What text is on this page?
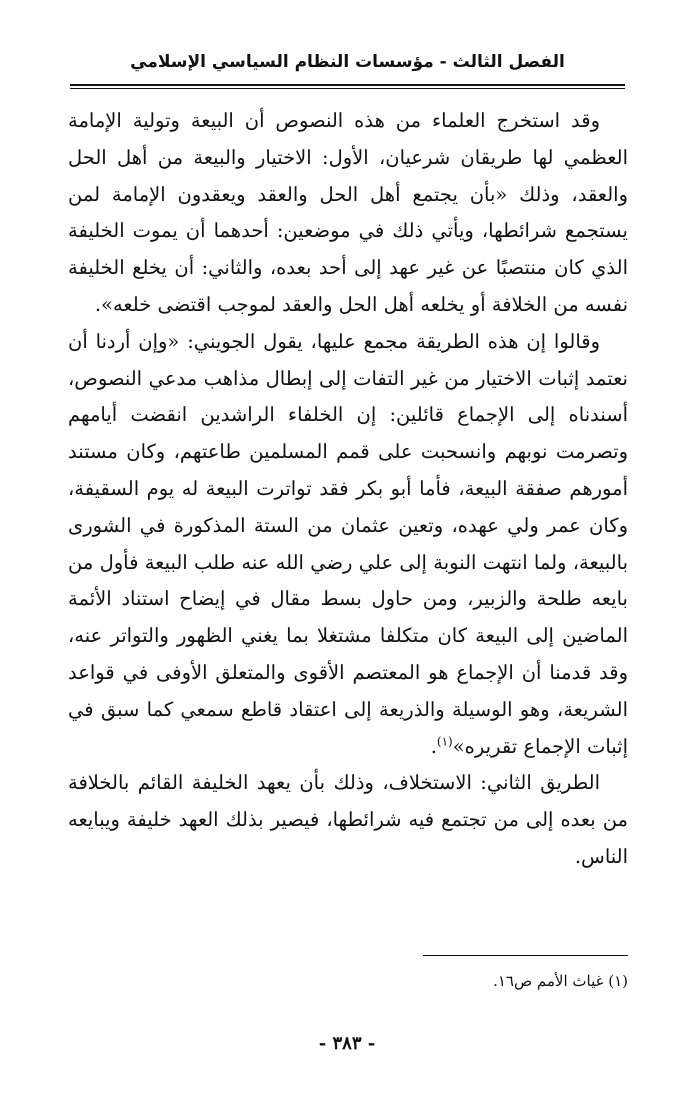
الفصل الثالث - مؤسسات النظام السياسي الإسلامي

وقد استخرج العلماء من هذه النصوص أن البيعة وتولية الإمامة العظمي لها طريقان شرعيان، الأول: الاختيار والبيعة من أهل الحل والعقد، وذلك «بأن يجتمع أهل الحل والعقد ويعقدون الإمامة لمن يستجمع شرائطها، ويأتي ذلك في موضعين: أحدهما أن يموت الخليفة الذي كان منتصبًا عن غير عهد إلى أحد بعده، والثاني: أن يخلع الخليفة نفسه من الخلافة أو يخلعه أهل الحل والعقد لموجب اقتضى خلعه».

وقالوا إن هذه الطريقة مجمع عليها، يقول الجويني: «وإن أردنا أن نعتمد إثبات الاختيار من غير التفات إلى إبطال مذاهب مدعي النصوص، أسندناه إلى الإجماع قائلين: إن الخلفاء الراشدين انقضت أيامهم وتصرمت نوبهم وانسحبت على قمم المسلمين طاعتهم، وكان مستند أمورهم صفقة البيعة، فأما أبو بكر فقد تواترت البيعة له يوم السقيفة، وكان عمر ولي عهده، وتعين عثمان من الستة المذكورة في الشورى بالبيعة، ولما انتهت النوبة إلى علي رضي الله عنه طلب البيعة فأول من بايعه طلحة والزبير، ومن حاول بسط مقال في إيضاح استناد الأئمة الماضين إلى البيعة كان متكلفا مشتغلا بما يغني الظهور والتواتر عنه، وقد قدمنا أن الإجماع هو المعتصم الأقوى والمتعلق الأوفى في قواعد الشريعة، وهو الوسيلة والذريعة إلى اعتقاد قاطع سمعي كما سبق في إثبات الإجماع تقريره»$^{(١)}$.

الطريق الثاني: الاستخلاف، وذلك بأن يعهد الخليفة القائم بالخلافة من بعده إلى من تجتمع فيه شرائطها، فيصير بذلك العهد خليفة ويبايعه الناس.

(١) غياث الأمم ص١٦.
- ٣٨٣ -
